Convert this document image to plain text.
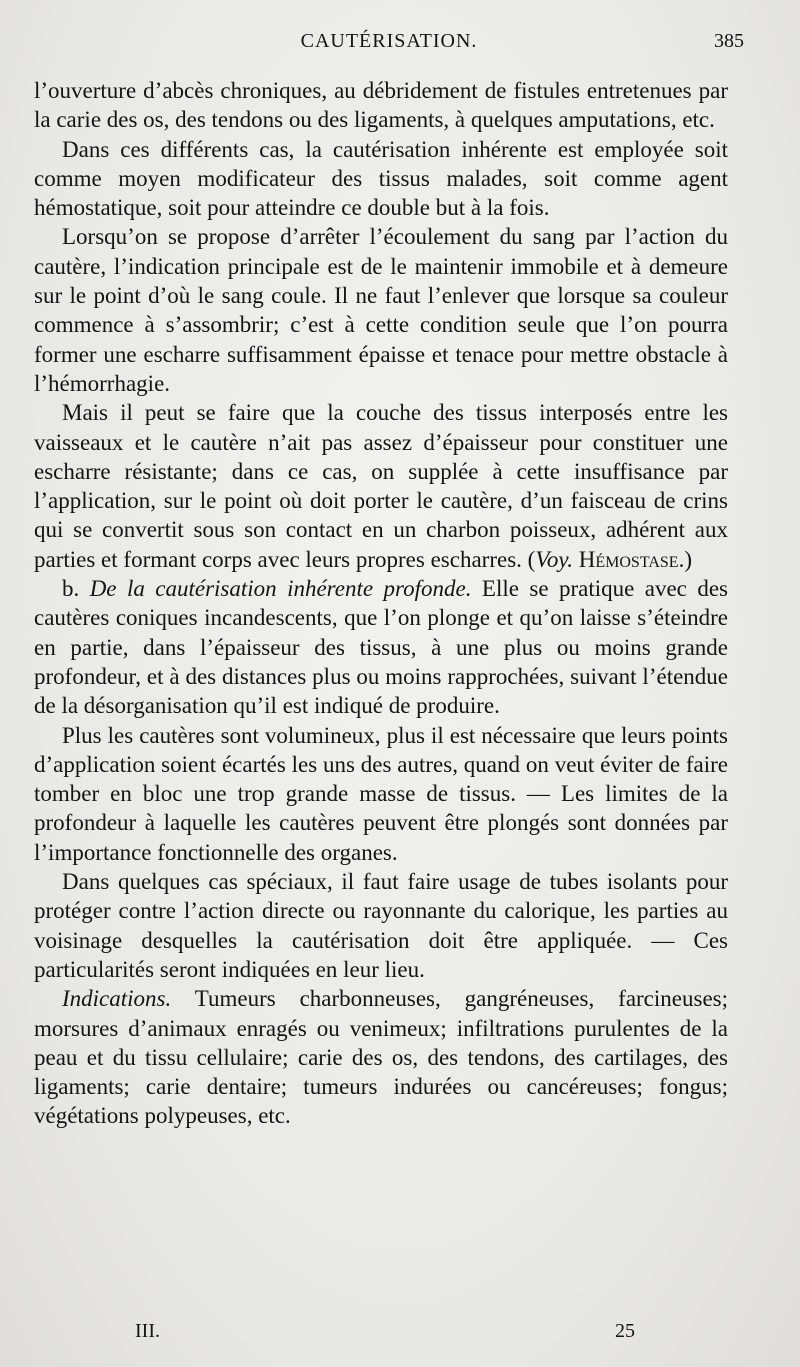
CAUTÉRISATION.	385

l’ouverture d’abcès chroniques, au débridement de fistules entretenues par la carie des os, des tendons ou des ligaments, à quelques amputations, etc.

Dans ces différents cas, la cautérisation inhérente est employée soit comme moyen modificateur des tissus malades, soit comme agent hémostatique, soit pour atteindre ce double but à la fois.

Lorsqu’on se propose d’arrêter l’écoulement du sang par l’action du cautère, l’indication principale est de le maintenir immobile et à demeure sur le point d’où le sang coule. Il ne faut l’enlever que lorsque sa couleur commence à s’assombrir; c’est à cette condition seule que l’on pourra former une escharre suffisamment épaisse et tenace pour mettre obstacle à l’hémorrhagie.

Mais il peut se faire que la couche des tissus interposés entre les vaisseaux et le cautère n’ait pas assez d’épaisseur pour constituer une escharre résistante; dans ce cas, on supplée à cette insuffisance par l’application, sur le point où doit porter le cautère, d’un faisceau de crins qui se convertit sous son contact en un charbon poisseux, adhérent aux parties et formant corps avec leurs propres escharres. (Voy. Hémostase.)

b. De la cautérisation inhérente profonde. Elle se pratique avec des cautères coniques incandescents, que l’on plonge et qu’on laisse s’éteindre en partie, dans l’épaisseur des tissus, à une plus ou moins grande profondeur, et à des distances plus ou moins rapprochées, suivant l’étendue de la désorganisation qu’il est indiqué de produire.

Plus les cautères sont volumineux, plus il est nécessaire que leurs points d’application soient écartés les uns des autres, quand on veut éviter de faire tomber en bloc une trop grande masse de tissus. — Les limites de la profondeur à laquelle les cautères peuvent être plongés sont données par l’importance fonctionnelle des organes.

Dans quelques cas spéciaux, il faut faire usage de tubes isolants pour protéger contre l’action directe ou rayonnante du calorique, les parties au voisinage desquelles la cautérisation doit être appliquée. — Ces particularités seront indiquées en leur lieu.

Indications. Tumeurs charbonneuses, gangréneuses, farcineuses; morsures d’animaux enragés ou venimeux; infiltrations purulentes de la peau et du tissu cellulaire; carie des os, des tendons, des cartilages, des ligaments; carie dentaire; tumeurs indurées ou cancéreuses; fongus; végétations polypeuses, etc.

III.	25
